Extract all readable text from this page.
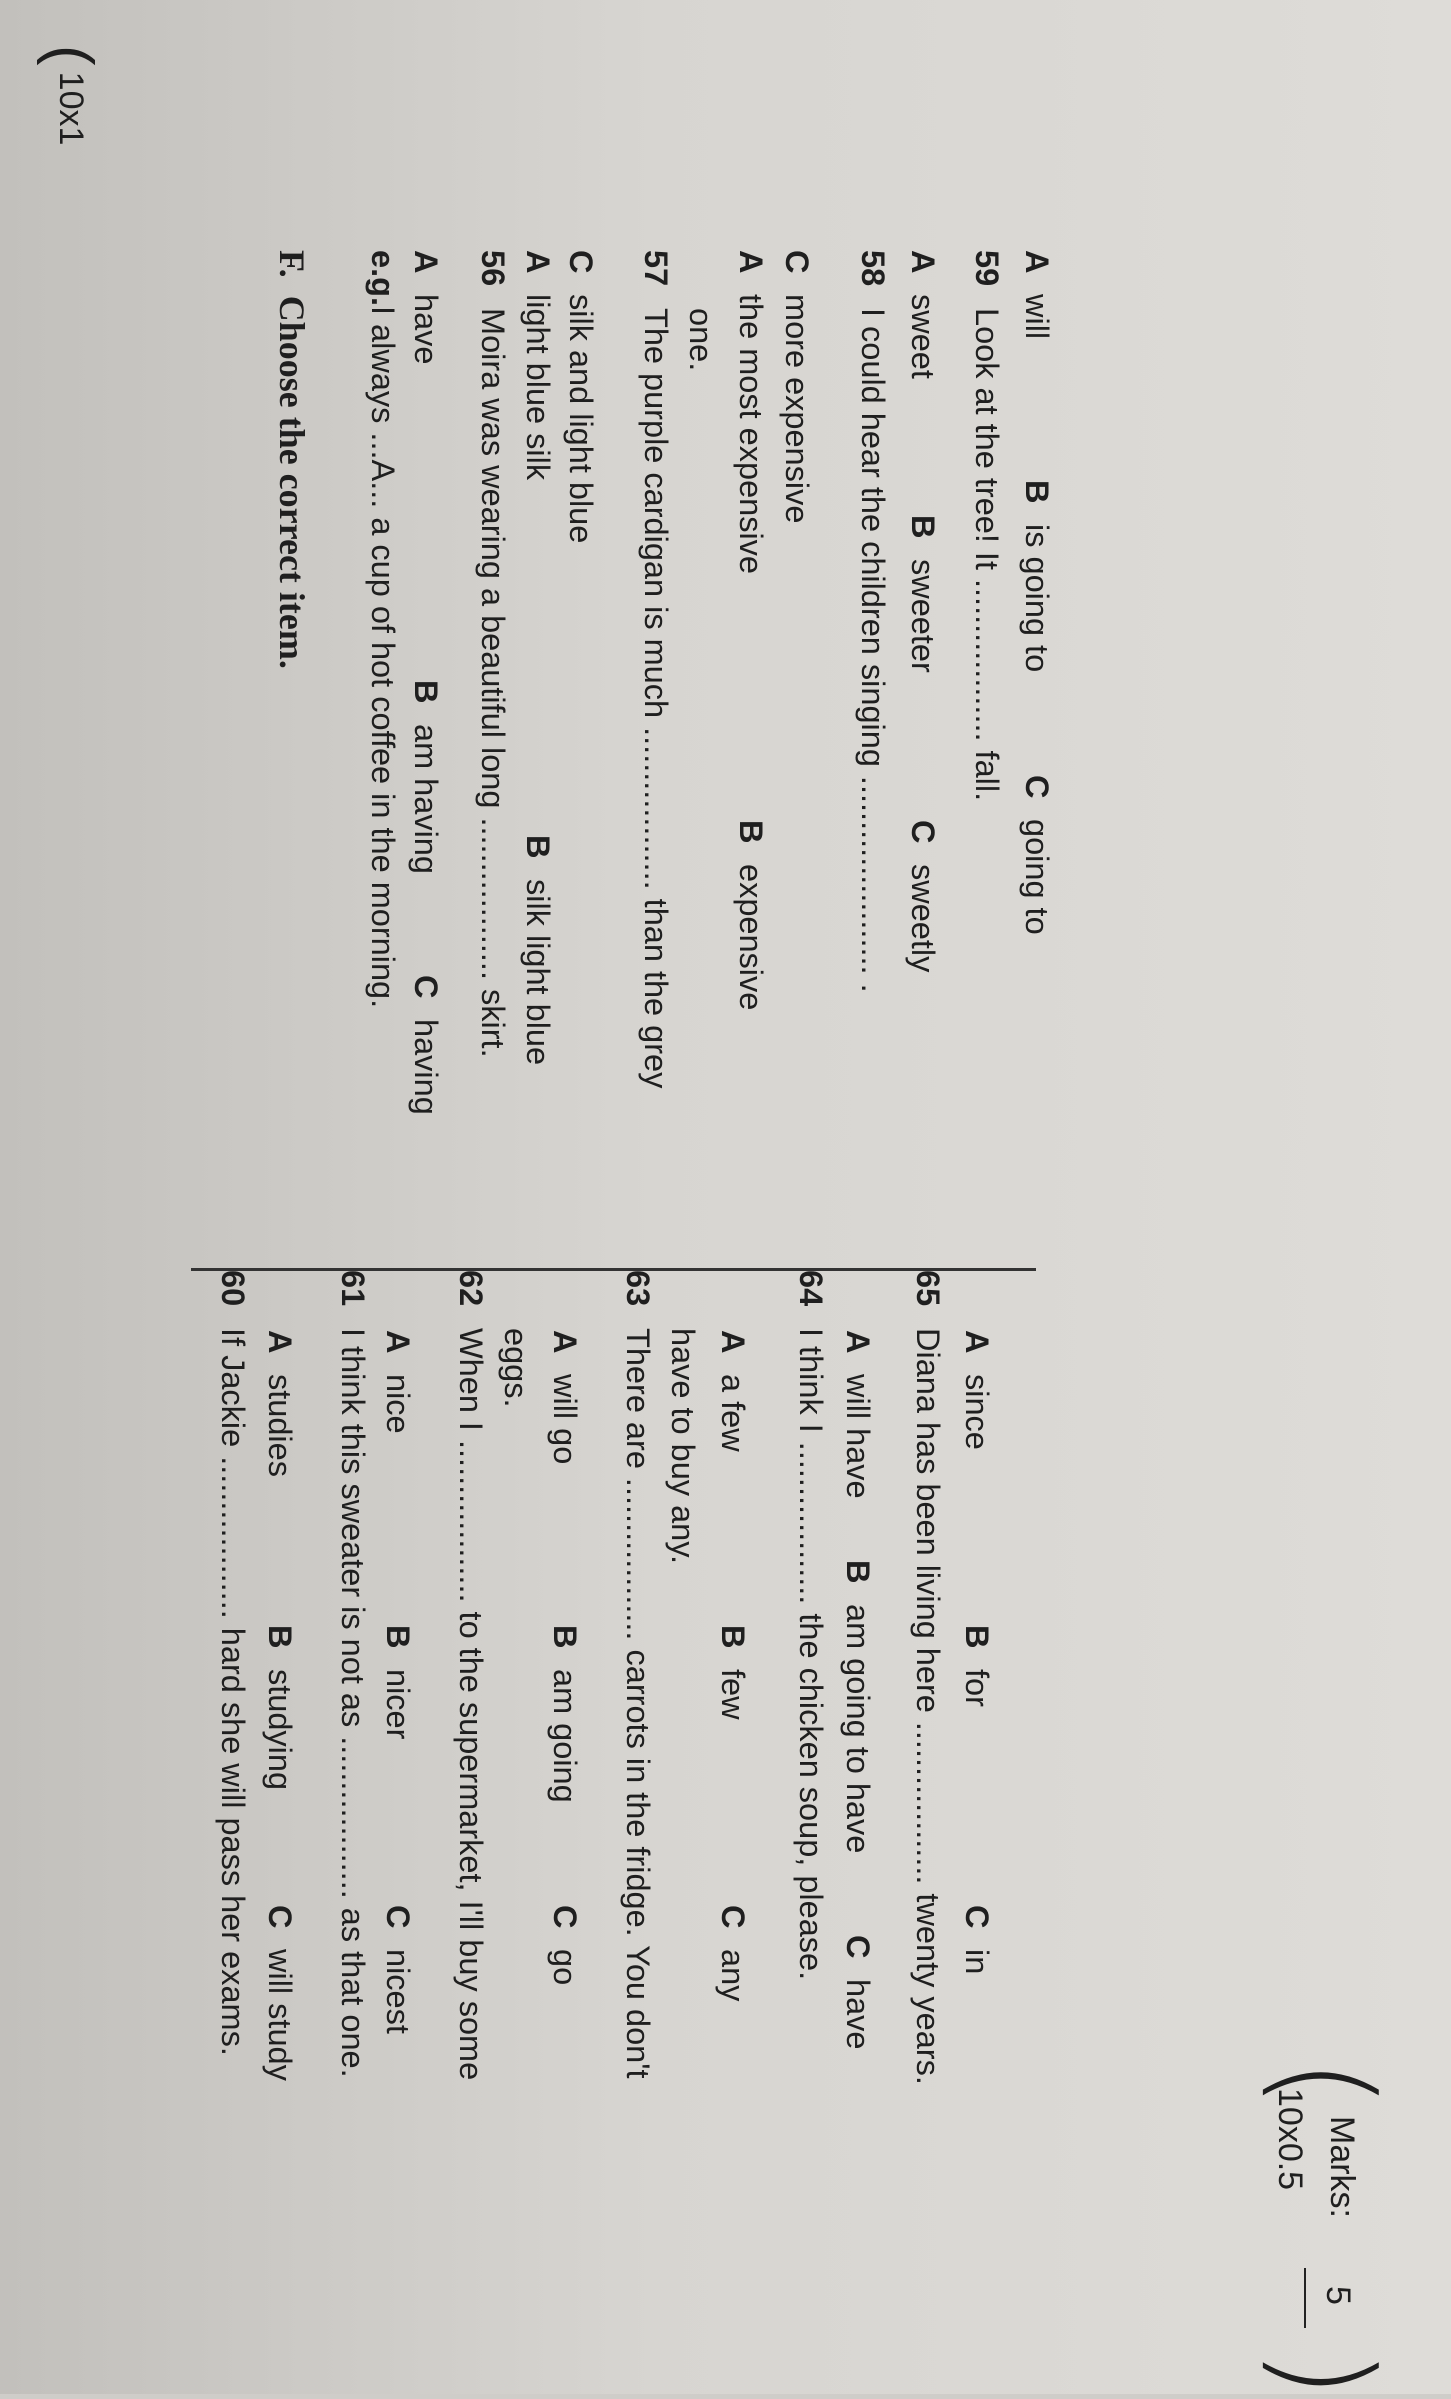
(10x1
F.Choose the correct item.
e.g.I always ...A... a cup of hot coffee in the morning.
Ahave
Bam having
Chaving
56Moira was wearing a beautiful long .................. skirt.
Alight blue silk
Bsilk light blue
Csilk and light blue
57The purple cardigan is much .................. than the grey one.
Athe most expensive
Bexpensive
Cmore expensive
58I could hear the children singing ...................... .
Asweet
Bsweeter
Csweetly
59Look at the tree! It .................. fall.
Awill
Bis going to
Cgoing to
60If Jackie .................. hard she will pass her exams. Astudies
Bstudying
Cwill study
61I think this sweater is not as .................. as that one. Anice
Bnicer
Cnicest
62When I .................. to the supermarket, I'll buy some eggs. Awill go
Bam going
Cgo
63There are .................. carrots in the fridge. You don't have to buy any. Aa few
Bfew
Cany
64I think I .................. the chicken soup, please. Awill have
Bam going to have
Chave
65Diana has been living here .................. twenty years. Asince
Bfor
Cin
(
Marks:
5
10x0.5
)
